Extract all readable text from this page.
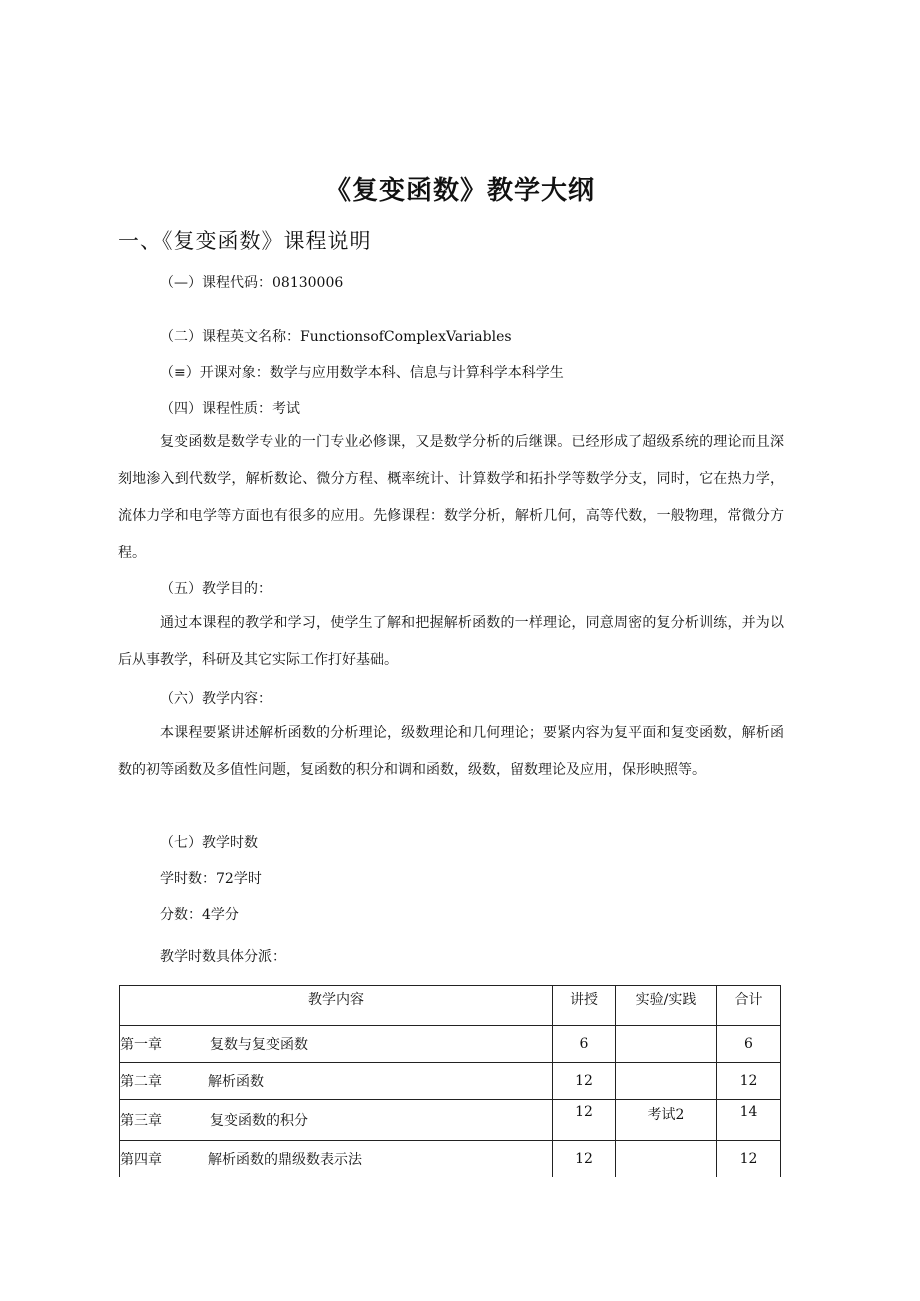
《复变函数》教学大纲
一、《复变函数》课程说明
（—）课程代码：08130006
（二）课程英文名称：FunctionsofComplexVariables
（≡）开课对象：数学与应用数学本科、信息与计算科学本科学生
（四）课程性质：考试
复变函数是数学专业的一门专业必修课，又是数学分析的后继课。已经形成了超级系统的理论而且深刻地渗入到代数学，解析数论、微分方程、概率统计、计算数学和拓扑学等数学分支，同时，它在热力学，流体力学和电学等方面也有很多的应用。先修课程：数学分析，解析几何，高等代数，一般物理，常微分方程。
（五）教学目的：
通过本课程的教学和学习，使学生了解和把握解析函数的一样理论，同意周密的复分析训练，并为以后从事教学，科研及其它实际工作打好基础。
（六）教学内容：
本课程要紧讲述解析函数的分析理论，级数理论和几何理论；要紧内容为复平面和复变函数，解析函数的初等函数及多值性问题，复函数的积分和调和函数，级数，留数理论及应用，保形映照等。
（七）教学时数
学时数：72学时
分数：4学分
教学时数具体分派：
教学内容	讲授	实验/实践	合计
第一章 复数与复变函数	6		6
第二章 解析函数	12		12
第三章 复变函数的积分	12	考试2	14
第四章 解析函数的鼎级数表示法	12		12
